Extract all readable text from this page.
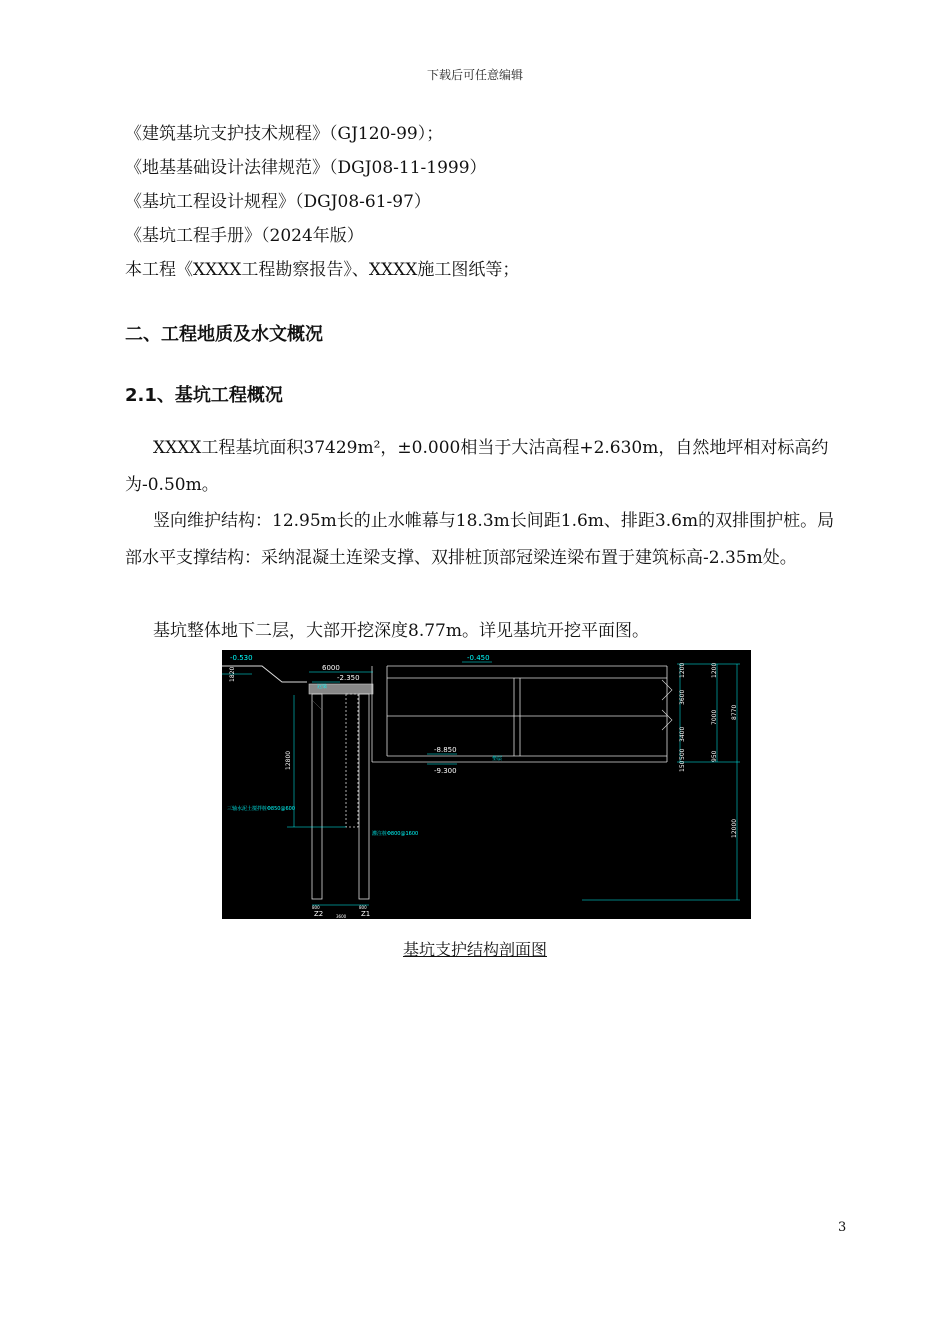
下载后可任意编辑
《建筑基坑支护技术规程》（GJ120-99）；
《地基基础设计法律规范》（DGJ08-11-1999）
《基坑工程设计规程》（DGJ08-61-97）
《基坑工程手册》（2024年版）
本工程《XXXX工程勘察报告》、XXXX施工图纸等；
二、工程地质及水文概况
2.1、基坑工程概况
XXXX工程基坑面积37429m²，±0.000相当于大沽高程+2.630m，自然地坪相对标高约为-0.50m。
竖向维护结构：12.95m长的止水帷幕与18.3m长间距1.6m、排距3.6m的双排围护桩。局部水平支撑结构：采纳混凝土连梁支撑、双排桩顶部冠梁连梁布置于建筑标高-2.35m处。
基坑整体地下二层，大部开挖深度8.77m。详见基坑开挖平面图。
-0.530
6000
-2.350
-0.450
-8.850
-9.300
冠梁
垫层
三轴水泥土搅拌桩Φ850@600
灌注桩Φ800@1600
Z2	Z1
800	800
3600
1820
12800
1200	1200
3600
3400
7000 8770
150
500	950
12000
基坑支护结构剖面图
3
